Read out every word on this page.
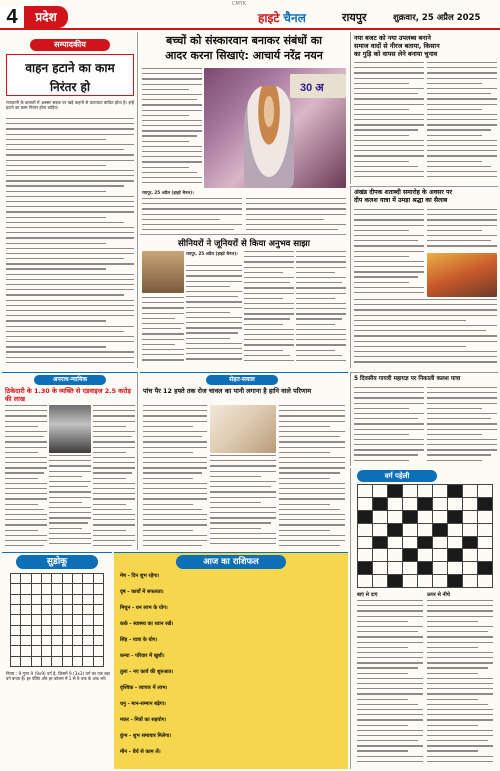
4	प्रदेश
CMYK
हाइटे चैनल	रायपुर	शुक्रवार, 25 अप्रैल 2025
सम्पादकीय
वाहन हटाने का काम
निरंतर हो
राजधानी के बाजारों में अक्सर सड़क पर खड़े वाहनों से यातायात बाधित होता है। इन्हें हटाने का काम निरंतर होना चाहिए।
बच्चों को संस्कारवान बनाकर संबंधों का
आदर करना सिखाएं: आचार्य नरेंद्र नयन
30 अ
रायपुर, 25 अप्रैल (हाइटे चैनल)।
सीनियरों ने जूनियरों से किया अनुभव साझा
रायपुर, 25 अप्रैल (हाइटे चैनल)।
नया बजट को नया उपलब्ध बनाने
समाज वादों से नीरज बताया, किसान
का गुड़ि को वापस लेने बनाया चुनाव
अंखंड दीपक शताब्दी समारोह के अवसर पर
दीप कलश यात्रा में उमड़ा श्रद्धा का सैलाब
अपराध-न्यायिक
ठिकेदारी के 1.30 के व्यक्ति से एडवाइज 2.5 करोड़ की लाख
सेहत-सवाल
पांच पैर 12 हफ्ते तक रोज चावल का पानी लगाना है हानि वाले परिणाम
5 दिवसीय गायत्री महायज्ञ पर निकाली कलश यात्रा
वर्ग पहेली

बाएं से दाएं	ऊपर से नीचे
सुडोकू

नियम : 9 गुणा 9 (9x9) वर्ग है, जिसमें 9 (3x3) वर्ग का एक बड़ा वर्ग बनता है। हर पंक्ति और हर कॉलम में 1 से 9 तक के अंक भरें।
आज का राशिफल
मेष - दिन शुभ रहेगा।
वृष - कार्यों में सफलता।
मिथुन - धन लाभ के योग।
कर्क - स्वास्थ्य का ध्यान रखें।
सिंह - यात्रा के योग।
कन्या - परिवार में खुशी।
तुला - नए कार्य की शुरुआत।
वृश्चिक - व्यापार में लाभ।
धनु - मान-सम्मान बढ़ेगा।
मकर - मित्रों का सहयोग।
कुंभ - शुभ समाचार मिलेगा।
मीन - धैर्य से काम लें।
